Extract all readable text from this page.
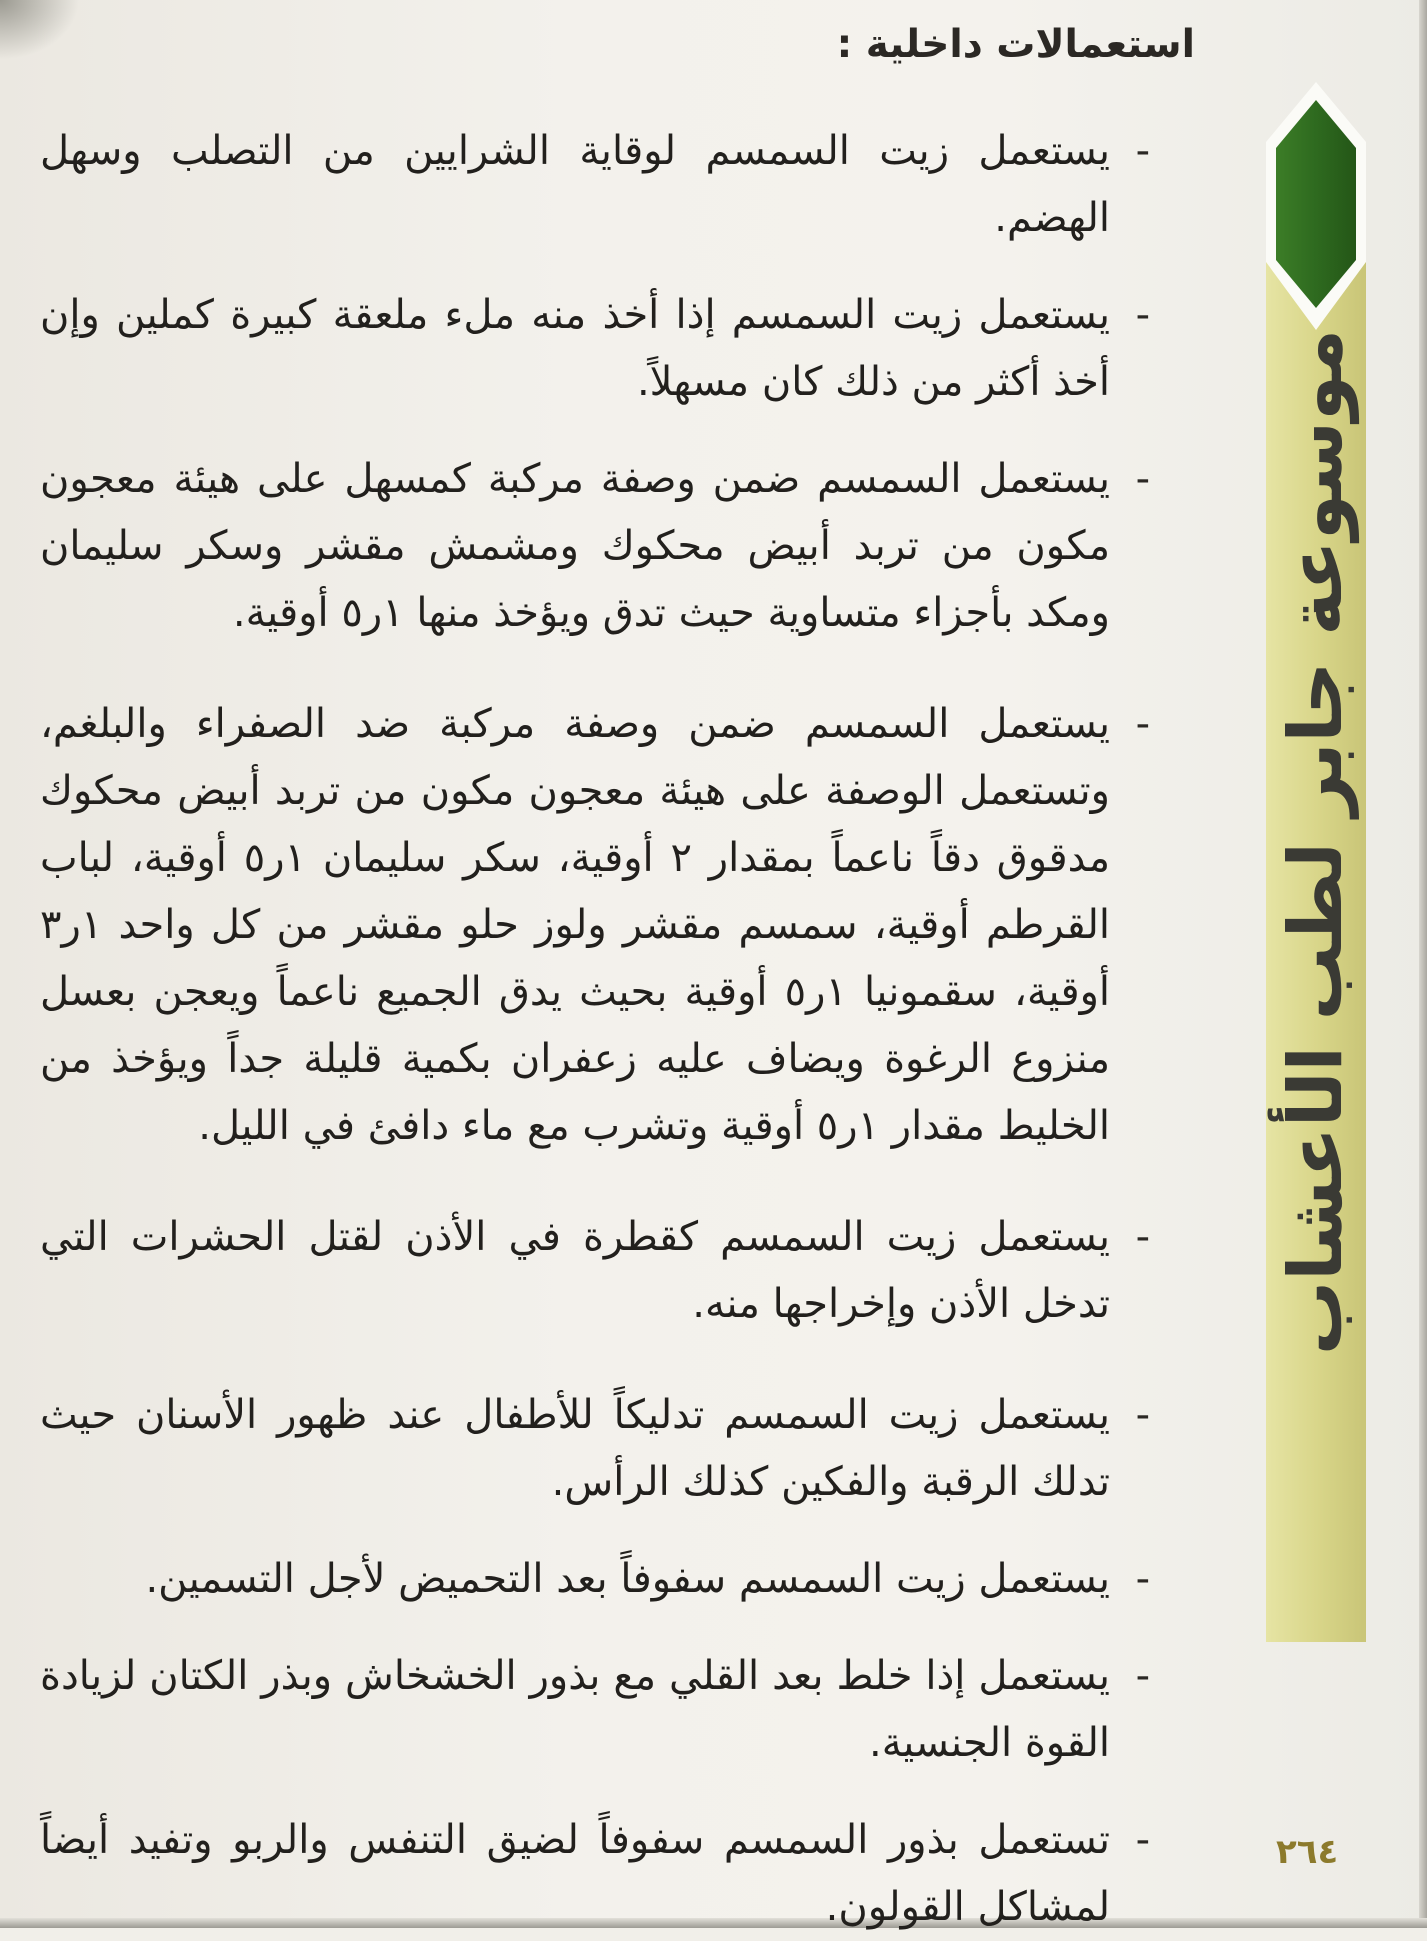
استعمالات داخلية :
-
يستعمل زيت السمسم لوقاية الشرايين من التصلب وسهل الهضم.
-
يستعمل زيت السمسم إذا أخذ منه ملء ملعقة كبيرة كملين وإن أخذ أكثر من ذلك كان مسهلاً.
-
يستعمل السمسم ضمن وصفة مركبة كمسهل على هيئة معجون مكون من تربد أبيض محكوك ومشمش مقشر وسكر سليمان ومكد بأجزاء متساوية حيث تدق ويؤخذ منها ١ر٥ أوقية.
-
يستعمل السمسم ضمن وصفة مركبة ضد الصفراء والبلغم، وتستعمل الوصفة على هيئة معجون مكون من تربد أبيض محكوك مدقوق دقاً ناعماً بمقدار ٢ أوقية، سكر سليمان ١ر٥ أوقية، لباب القرطم أوقية، سمسم مقشر ولوز حلو مقشر من كل واحد ١ر٣ أوقية، سقمونيا ١ر٥ أوقية بحيث يدق الجميع ناعماً ويعجن بعسل منزوع الرغوة ويضاف عليه زعفران بكمية قليلة جداً ويؤخذ من الخليط مقدار ١ر٥ أوقية وتشرب مع ماء دافئ في الليل.
-
يستعمل زيت السمسم كقطرة في الأذن لقتل الحشرات التي تدخل الأذن وإخراجها منه.
-
يستعمل زيت السمسم تدليكاً للأطفال عند ظهور الأسنان حيث تدلك الرقبة والفكين كذلك الرأس.
-
يستعمل زيت السمسم سفوفاً بعد التحميض لأجل التسمين.
-
يستعمل إذا خلط بعد القلي مع بذور الخشخاش وبذر الكتان لزيادة القوة الجنسية.
-
تستعمل بذور السمسم سفوفاً لضيق التنفس والربو وتفيد أيضاً لمشاكل القولون.
موسوعة جابر لطب الأعشاب
٢٦٤
